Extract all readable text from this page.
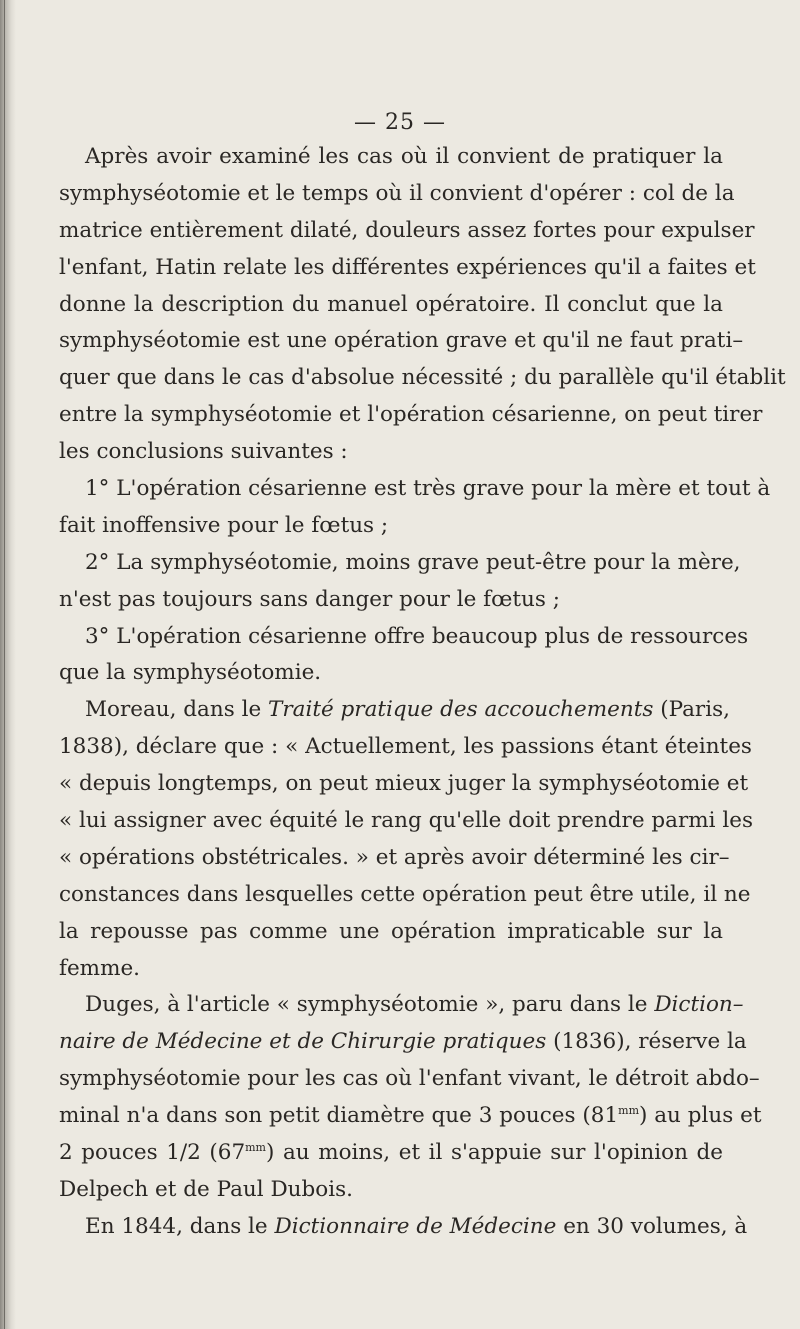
— 25 —
Après avoir examiné les cas où il convient de pratiquer la
symphyséotomie et le temps où il convient d'opérer : col de la
matrice entièrement dilaté, douleurs assez fortes pour expulser
l'enfant, Hatin relate les différentes expériences qu'il a faites et
donne la description du manuel opératoire. Il conclut que la
symphyséotomie est une opération grave et qu'il ne faut prati–
quer que dans le cas d'absolue nécessité ; du parallèle qu'il établit
entre la symphyséotomie et l'opération césarienne, on peut tirer
les conclusions suivantes :
1° L'opération césarienne est très grave pour la mère et tout à
fait inoffensive pour le fœtus ;
2° La symphyséotomie, moins grave peut-être pour la mère,
n'est pas toujours sans danger pour le fœtus ;
3° L'opération césarienne offre beaucoup plus de ressources
que la symphyséotomie.
Moreau, dans le Traité pratique des accouchements (Paris,
1838), déclare que : « Actuellement, les passions étant éteintes
« depuis longtemps, on peut mieux juger la symphyséotomie et
« lui assigner avec équité le rang qu'elle doit prendre parmi les
« opérations obstétricales. » et après avoir déterminé les cir–
constances dans lesquelles cette opération peut être utile, il ne
la repousse pas comme une opération impraticable sur la
femme.
Duges, à l'article « symphyséotomie », paru dans le Diction–
naire de Médecine et de Chirurgie pratiques (1836), réserve la
symphyséotomie pour les cas où l'enfant vivant, le détroit abdo–
minal n'a dans son petit diamètre que 3 pouces $(81^{mm})$ au plus et
2 pouces 1/2 $(67^{mm})$ au moins, et il s'appuie sur l'opinion de
Delpech et de Paul Dubois.
En 1844, dans le Dictionnaire de Médecine en 30 volumes, à
